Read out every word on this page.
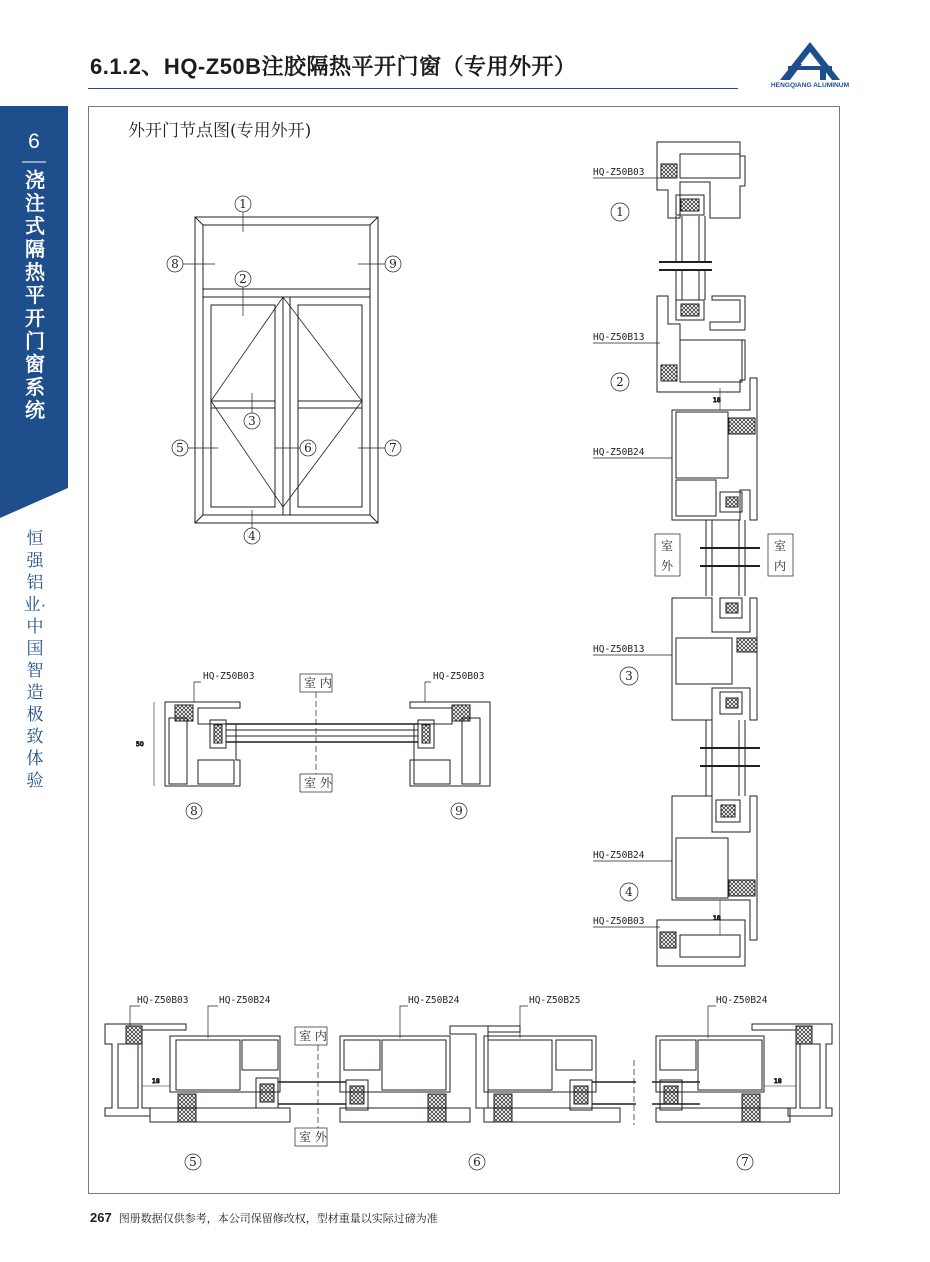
6.1.2、HQ-Z50B注胶隔热平开门窗（专用外开）
HENGQIANG ALUMINUM
6
浇注式隔热平开门窗系统
恒强铝业·中国智造 极致体验
外开门节点图(专用外开)
1
8	9
2
3
5	6	7
4
18
18
HQ-Z50B03
HQ-Z50B13
HQ-Z50B24
HQ-Z50B13
HQ-Z50B24
HQ-Z50B03
1
2
3
4
室
外
室
内
50
HQ-Z50B03	HQ-Z50B03
室 内
室 外
8	9
18	18
HQ-Z50B03	HQ-Z50B24	HQ-Z50B24	HQ-Z50B25	HQ-Z50B24
室 内
室 外
5	6	7
267 图册数据仅供参考，本公司保留修改权，型材重量以实际过磅为准
